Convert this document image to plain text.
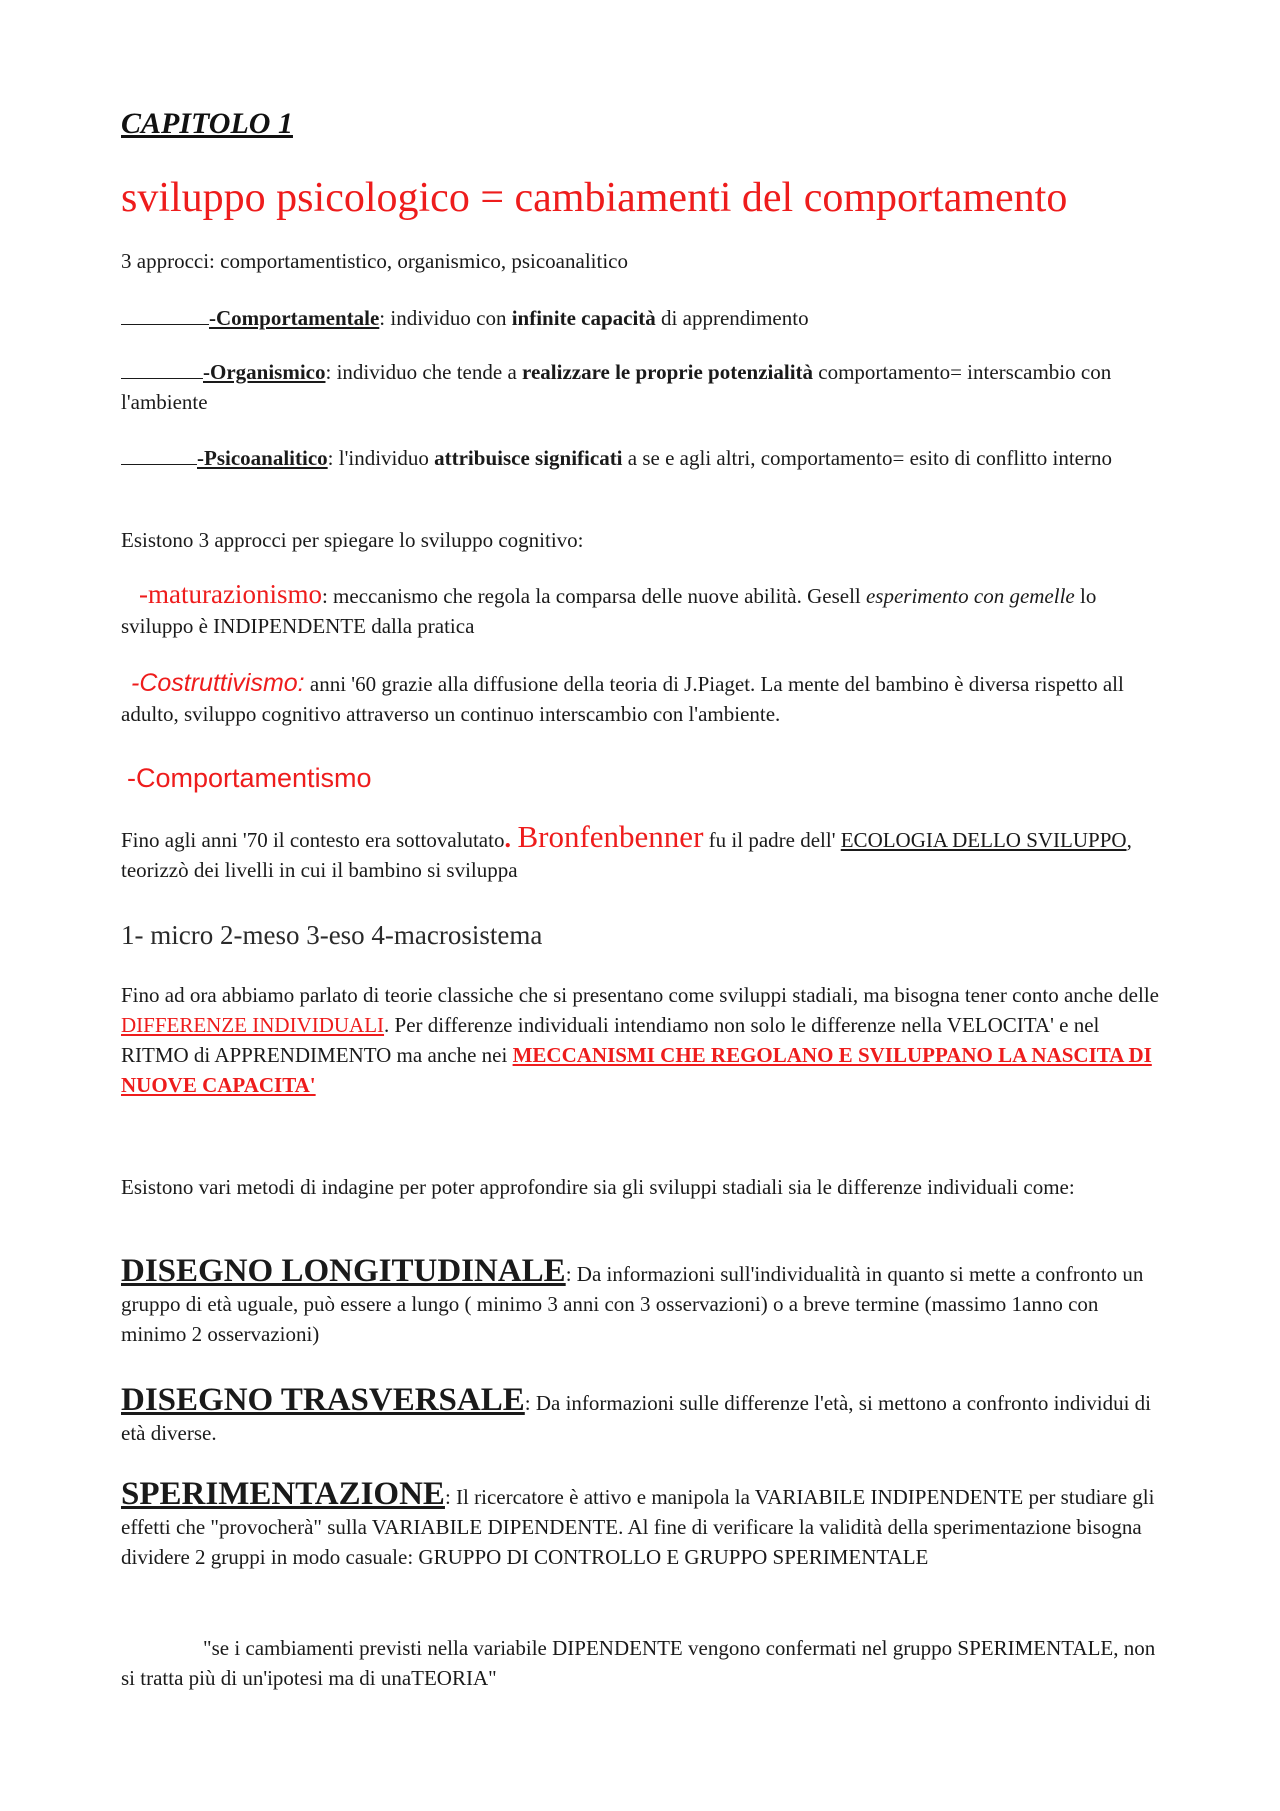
CAPITOLO 1

sviluppo psicologico = cambiamenti del comportamento

3 approcci: comportamentistico, organismico, psicoanalitico

-Comportamentale: individuo con infinite capacità di apprendimento

-Organismico: individuo che tende a realizzare le proprie potenzialità comportamento= interscambio con l'ambiente

-Psicoanalitico: l'individuo attribuisce significati a se e agli altri, comportamento= esito di conflitto interno

Esistono 3 approcci per spiegare lo sviluppo cognitivo:

-maturazionismo: meccanismo che regola la comparsa delle nuove abilità. Gesell esperimento con gemelle lo sviluppo è INDIPENDENTE dalla pratica

-Costruttivismo: anni '60 grazie alla diffusione della teoria di J.Piaget. La mente del bambino è diversa rispetto all adulto, sviluppo cognitivo attraverso un continuo interscambio con l'ambiente.

-Comportamentismo

Fino agli anni '70 il contesto era sottovalutato. Bronfenbenner fu il padre dell' ECOLOGIA DELLO SVILUPPO, teorizzò dei livelli in cui il bambino si sviluppa

1- micro 2-meso 3-eso 4-macrosistema

Fino ad ora abbiamo parlato di teorie classiche che si presentano come sviluppi stadiali, ma bisogna tener conto anche delle DIFFERENZE INDIVIDUALI. Per differenze individuali intendiamo non solo le differenze nella VELOCITA' e nel RITMO di APPRENDIMENTO ma anche nei MECCANISMI CHE REGOLANO E SVILUPPANO LA NASCITA DI NUOVE CAPACITA'

Esistono vari metodi di indagine per poter approfondire sia gli sviluppi stadiali sia le differenze individuali come:

DISEGNO LONGITUDINALE: Da informazioni sull'individualità in quanto si mette a confronto un gruppo di età uguale, può essere a lungo ( minimo 3 anni con 3 osservazioni) o a breve termine (massimo 1anno con minimo 2 osservazioni)

DISEGNO TRASVERSALE: Da informazioni sulle differenze l'età, si mettono a confronto individui di età diverse.

SPERIMENTAZIONE: Il ricercatore è attivo e manipola la VARIABILE INDIPENDENTE per studiare gli effetti che "provocherà" sulla VARIABILE DIPENDENTE. Al fine di verificare la validità della sperimentazione bisogna dividere 2 gruppi in modo casuale: GRUPPO DI CONTROLLO E GRUPPO SPERIMENTALE

"se i cambiamenti previsti nella variabile DIPENDENTE vengono confermati nel gruppo SPERIMENTALE, non si tratta più di un'ipotesi ma di unaTEORIA"
